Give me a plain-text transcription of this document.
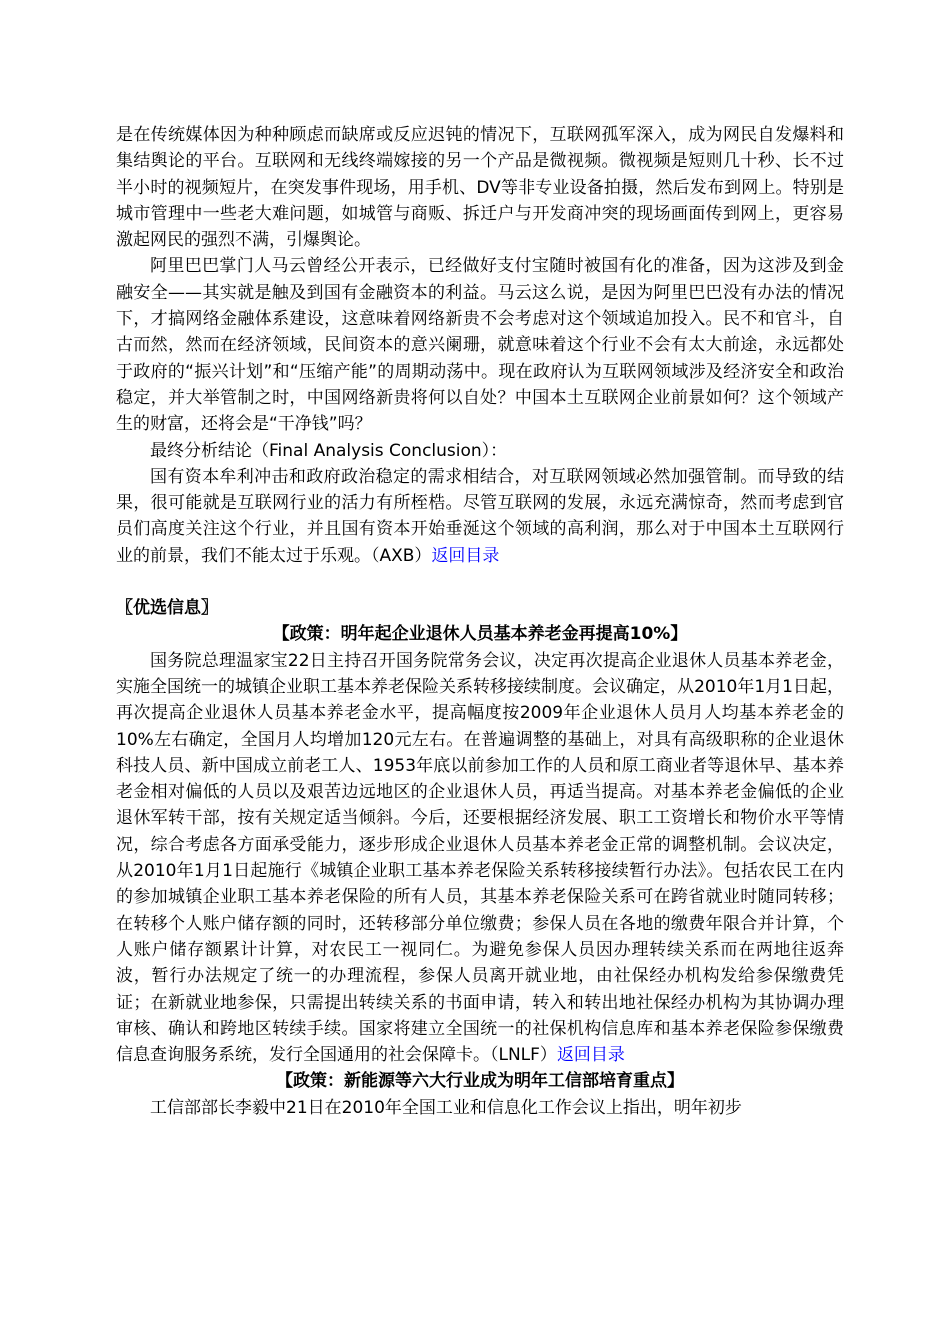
是在传统媒体因为种种顾虑而缺席或反应迟钝的情况下，互联网孤军深入，成为网民自发爆料和集结舆论的平台。互联网和无线终端嫁接的另一个产品是微视频。微视频是短则几十秒、长不过半小时的视频短片，在突发事件现场，用手机、DV等非专业设备拍摄，然后发布到网上。特别是城市管理中一些老大难问题，如城管与商贩、拆迁户与开发商冲突的现场画面传到网上，更容易激起网民的强烈不满，引爆舆论。

阿里巴巴掌门人马云曾经公开表示，已经做好支付宝随时被国有化的准备，因为这涉及到金融安全——其实就是触及到国有金融资本的利益。马云这么说，是因为阿里巴巴没有办法的情况下，才搞网络金融体系建设，这意味着网络新贵不会考虑对这个领域追加投入。民不和官斗，自古而然，然而在经济领域，民间资本的意兴阑珊，就意味着这个行业不会有太大前途，永远都处于政府的“振兴计划”和“压缩产能”的周期动荡中。现在政府认为互联网领域涉及经济安全和政治稳定，并大举管制之时，中国网络新贵将何以自处？中国本土互联网企业前景如何？这个领域产生的财富，还将会是“干净钱”吗？

最终分析结论（Final Analysis Conclusion）：

国有资本牟利冲击和政府政治稳定的需求相结合，对互联网领域必然加强管制。而导致的结果，很可能就是互联网行业的活力有所桎梏。尽管互联网的发展，永远充满惊奇，然而考虑到官员们高度关注这个行业，并且国有资本开始垂涎这个领域的高利润，那么对于中国本土互联网行业的前景，我们不能太过于乐观。（AXB）返回目录

〖优选信息〗

【政策：明年起企业退休人员基本养老金再提高10%】

国务院总理温家宝22日主持召开国务院常务会议，决定再次提高企业退休人员基本养老金，实施全国统一的城镇企业职工基本养老保险关系转移接续制度。会议确定，从2010年1月1日起，再次提高企业退休人员基本养老金水平，提高幅度按2009年企业退休人员月人均基本养老金的10%左右确定，全国月人均增加120元左右。在普遍调整的基础上，对具有高级职称的企业退休科技人员、新中国成立前老工人、1953年底以前参加工作的人员和原工商业者等退休早、基本养老金相对偏低的人员以及艰苦边远地区的企业退休人员，再适当提高。对基本养老金偏低的企业退休军转干部，按有关规定适当倾斜。今后，还要根据经济发展、职工工资增长和物价水平等情况，综合考虑各方面承受能力，逐步形成企业退休人员基本养老金正常的调整机制。会议决定，从2010年1月1日起施行《城镇企业职工基本养老保险关系转移接续暂行办法》。包括农民工在内的参加城镇企业职工基本养老保险的所有人员，其基本养老保险关系可在跨省就业时随同转移；在转移个人账户储存额的同时，还转移部分单位缴费；参保人员在各地的缴费年限合并计算，个人账户储存额累计计算，对农民工一视同仁。为避免参保人员因办理转续关系而在两地往返奔波，暂行办法规定了统一的办理流程，参保人员离开就业地，由社保经办机构发给参保缴费凭证；在新就业地参保，只需提出转续关系的书面申请，转入和转出地社保经办机构为其协调办理审核、确认和跨地区转续手续。国家将建立全国统一的社保机构信息库和基本养老保险参保缴费信息查询服务系统，发行全国通用的社会保障卡。（LNLF）返回目录

【政策：新能源等六大行业成为明年工信部培育重点】

工信部部长李毅中21日在2010年全国工业和信息化工作会议上指出，明年初步
